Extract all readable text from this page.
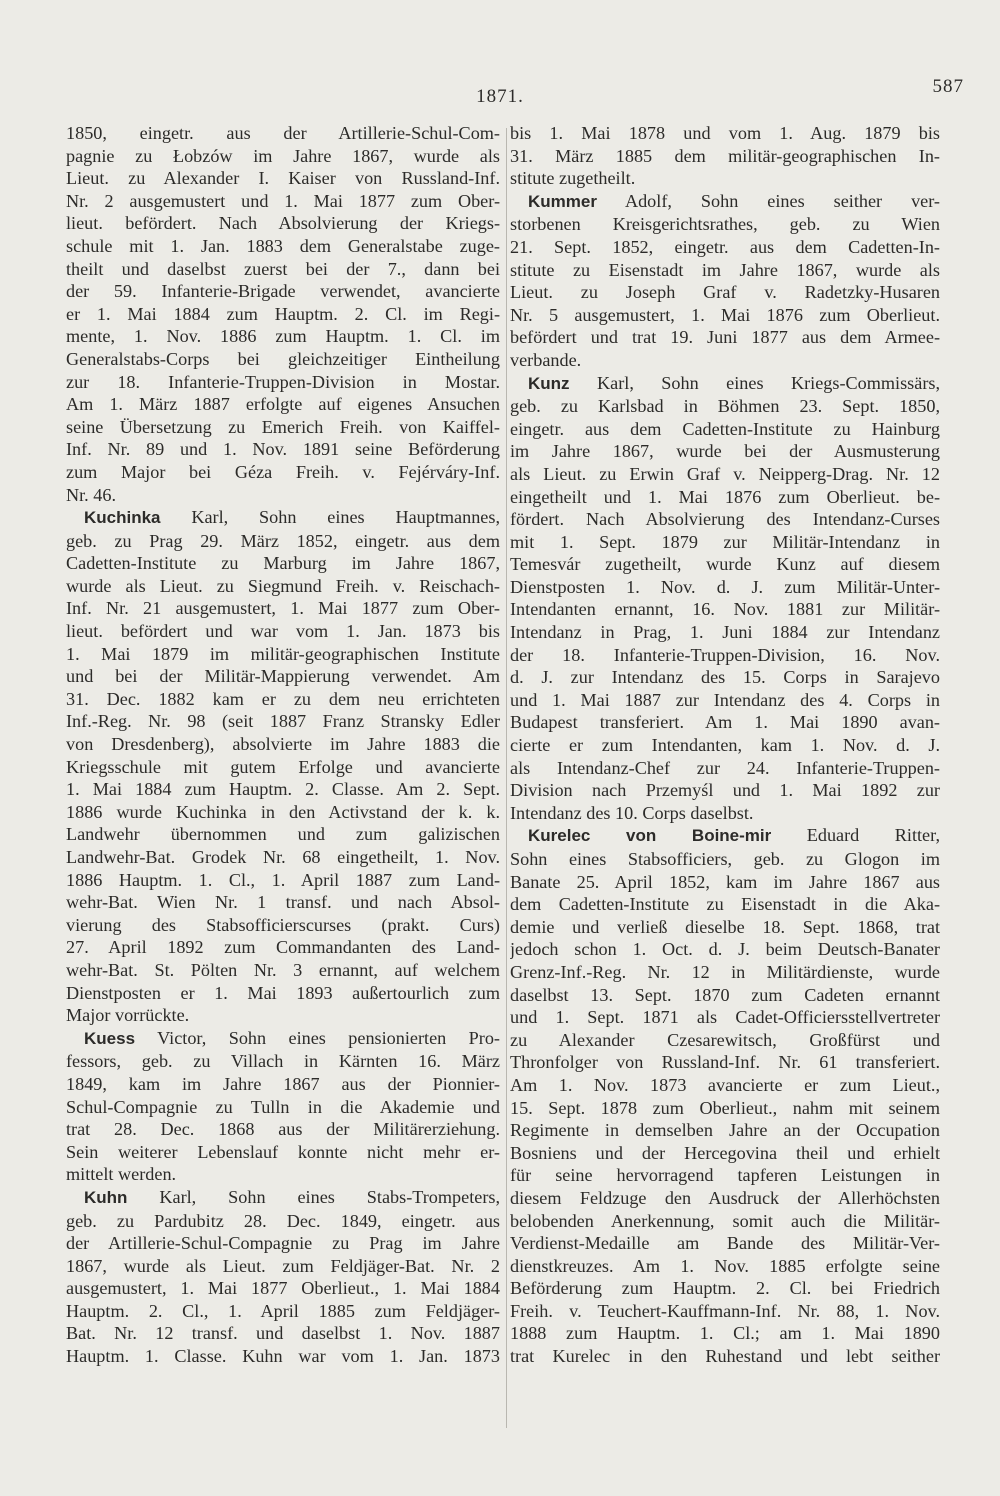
1871.	587
1850, eingetr. aus der Artillerie-Schul-Com-
pagnie zu Łobzów im Jahre 1867, wurde als
Lieut. zu Alexander I. Kaiser von Russland-Inf.
Nr. 2 ausgemustert und 1. Mai 1877 zum Ober-
lieut. befördert. Nach Absolvierung der Kriegs-
schule mit 1. Jan. 1883 dem Generalstabe zuge-
theilt und daselbst zuerst bei der 7., dann bei
der 59. Infanterie-Brigade verwendet, avancierte
er 1. Mai 1884 zum Hauptm. 2. Cl. im Regi-
mente, 1. Nov. 1886 zum Hauptm. 1. Cl. im
Generalstabs-Corps bei gleichzeitiger Eintheilung
zur 18. Infanterie-Truppen-Division in Mostar.
Am 1. März 1887 erfolgte auf eigenes Ansuchen
seine Übersetzung zu Emerich Freih. von Kaiffel-
Inf. Nr. 89 und 1. Nov. 1891 seine Beförderung
zum Major bei Géza Freih. v. Fejérváry-Inf.
Nr. 46.
Kuchinka Karl, Sohn eines Hauptmannes,
geb. zu Prag 29. März 1852, eingetr. aus dem
Cadetten-Institute zu Marburg im Jahre 1867,
wurde als Lieut. zu Siegmund Freih. v. Reischach-
Inf. Nr. 21 ausgemustert, 1. Mai 1877 zum Ober-
lieut. befördert und war vom 1. Jan. 1873 bis
1. Mai 1879 im militär-geographischen Institute
und bei der Militär-Mappierung verwendet. Am
31. Dec. 1882 kam er zu dem neu errichteten
Inf.-Reg. Nr. 98 (seit 1887 Franz Stransky Edler
von Dresdenberg), absolvierte im Jahre 1883 die
Kriegsschule mit gutem Erfolge und avancierte
1. Mai 1884 zum Hauptm. 2. Classe. Am 2. Sept.
1886 wurde Kuchinka in den Activstand der k. k.
Landwehr übernommen und zum galizischen
Landwehr-Bat. Grodek Nr. 68 eingetheilt, 1. Nov.
1886 Hauptm. 1. Cl., 1. April 1887 zum Land-
wehr-Bat. Wien Nr. 1 transf. und nach Absol-
vierung des Stabsofficierscurses (prakt. Curs)
27. April 1892 zum Commandanten des Land-
wehr-Bat. St. Pölten Nr. 3 ernannt, auf welchem
Dienstposten er 1. Mai 1893 außertourlich zum
Major vorrückte.
Kuess Victor, Sohn eines pensionierten Pro-
fessors, geb. zu Villach in Kärnten 16. März
1849, kam im Jahre 1867 aus der Pionnier-
Schul-Compagnie zu Tulln in die Akademie und
trat 28. Dec. 1868 aus der Militärerziehung.
Sein weiterer Lebenslauf konnte nicht mehr er-
mittelt werden.
Kuhn Karl, Sohn eines Stabs-Trompeters,
geb. zu Pardubitz 28. Dec. 1849, eingetr. aus
der Artillerie-Schul-Compagnie zu Prag im Jahre
1867, wurde als Lieut. zum Feldjäger-Bat. Nr. 2
ausgemustert, 1. Mai 1877 Oberlieut., 1. Mai 1884
Hauptm. 2. Cl., 1. April 1885 zum Feldjäger-
Bat. Nr. 12 transf. und daselbst 1. Nov. 1887
Hauptm. 1. Classe. Kuhn war vom 1. Jan. 1873
bis 1. Mai 1878 und vom 1. Aug. 1879 bis
31. März 1885 dem militär-geographischen In-
stitute zugetheilt.
Kummer Adolf, Sohn eines seither ver-
storbenen Kreisgerichtsrathes, geb. zu Wien
21. Sept. 1852, eingetr. aus dem Cadetten-In-
stitute zu Eisenstadt im Jahre 1867, wurde als
Lieut. zu Joseph Graf v. Radetzky-Husaren
Nr. 5 ausgemustert, 1. Mai 1876 zum Oberlieut.
befördert und trat 19. Juni 1877 aus dem Armee-
verbande.
Kunz Karl, Sohn eines Kriegs-Commissärs,
geb. zu Karlsbad in Böhmen 23. Sept. 1850,
eingetr. aus dem Cadetten-Institute zu Hainburg
im Jahre 1867, wurde bei der Ausmusterung
als Lieut. zu Erwin Graf v. Neipperg-Drag. Nr. 12
eingetheilt und 1. Mai 1876 zum Oberlieut. be-
fördert. Nach Absolvierung des Intendanz-Curses
mit 1. Sept. 1879 zur Militär-Intendanz in
Temesvár zugetheilt, wurde Kunz auf diesem
Dienstposten 1. Nov. d. J. zum Militär-Unter-
Intendanten ernannt, 16. Nov. 1881 zur Militär-
Intendanz in Prag, 1. Juni 1884 zur Intendanz
der 18. Infanterie-Truppen-Division, 16. Nov.
d. J. zur Intendanz des 15. Corps in Sarajevo
und 1. Mai 1887 zur Intendanz des 4. Corps in
Budapest transferiert. Am 1. Mai 1890 avan-
cierte er zum Intendanten, kam 1. Nov. d. J.
als Intendanz-Chef zur 24. Infanterie-Truppen-
Division nach Przemyśl und 1. Mai 1892 zur
Intendanz des 10. Corps daselbst.
Kurelec von Boine-mir Eduard Ritter,
Sohn eines Stabsofficiers, geb. zu Glogon im
Banate 25. April 1852, kam im Jahre 1867 aus
dem Cadetten-Institute zu Eisenstadt in die Aka-
demie und verließ dieselbe 18. Sept. 1868, trat
jedoch schon 1. Oct. d. J. beim Deutsch-Banater
Grenz-Inf.-Reg. Nr. 12 in Militärdienste, wurde
daselbst 13. Sept. 1870 zum Cadeten ernannt
und 1. Sept. 1871 als Cadet-Officiersstellvertreter
zu Alexander Czesarewitsch, Großfürst und
Thronfolger von Russland-Inf. Nr. 61 transferiert.
Am 1. Nov. 1873 avancierte er zum Lieut.,
15. Sept. 1878 zum Oberlieut., nahm mit seinem
Regimente in demselben Jahre an der Occupation
Bosniens und der Hercegovina theil und erhielt
für seine hervorragend tapferen Leistungen in
diesem Feldzuge den Ausdruck der Allerhöchsten
belobenden Anerkennung, somit auch die Militär-
Verdienst-Medaille am Bande des Militär-Ver-
dienstkreuzes. Am 1. Nov. 1885 erfolgte seine
Beförderung zum Hauptm. 2. Cl. bei Friedrich
Freih. v. Teuchert-Kauffmann-Inf. Nr. 88, 1. Nov.
1888 zum Hauptm. 1. Cl.; am 1. Mai 1890
trat Kurelec in den Ruhestand und lebt seither
